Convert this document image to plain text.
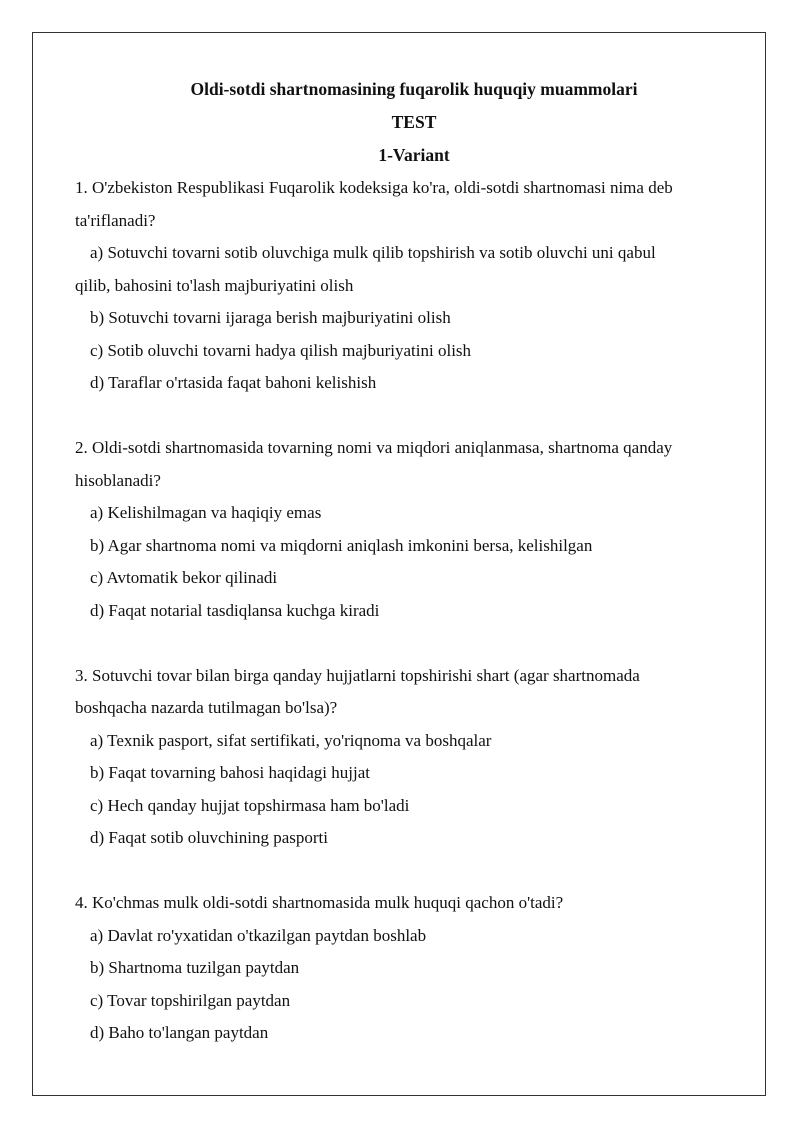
Oldi-sotdi shartnomasining fuqarolik huquqiy muammolari
TEST
1-Variant
1. O'zbekiston Respublikasi Fuqarolik kodeksiga ko'ra, oldi-sotdi shartnomasi nima deb
ta'riflanadi?
a) Sotuvchi tovarni sotib oluvchiga mulk qilib topshirish va sotib oluvchi uni qabul
qilib, bahosini to'lash majburiyatini olish
b) Sotuvchi tovarni ijaraga berish majburiyatini olish
c) Sotib oluvchi tovarni hadya qilish majburiyatini olish
d) Taraflar o'rtasida faqat bahoni kelishish
2. Oldi-sotdi shartnomasida tovarning nomi va miqdori aniqlanmasa, shartnoma qanday
hisoblanadi?
a) Kelishilmagan va haqiqiy emas
b) Agar shartnoma nomi va miqdorni aniqlash imkonini bersa, kelishilgan
c) Avtomatik bekor qilinadi
d) Faqat notarial tasdiqlansa kuchga kiradi
3. Sotuvchi tovar bilan birga qanday hujjatlarni topshirishi shart (agar shartnomada
boshqacha nazarda tutilmagan bo'lsa)?
a) Texnik pasport, sifat sertifikati, yo'riqnoma va boshqalar
b) Faqat tovarning bahosi haqidagi hujjat
c) Hech qanday hujjat topshirmasa ham bo'ladi
d) Faqat sotib oluvchining pasporti
4. Ko'chmas mulk oldi-sotdi shartnomasida mulk huquqi qachon o'tadi?
a) Davlat ro'yxatidan o'tkazilgan paytdan boshlab
b) Shartnoma tuzilgan paytdan
c) Tovar topshirilgan paytdan
d) Baho to'langan paytdan
